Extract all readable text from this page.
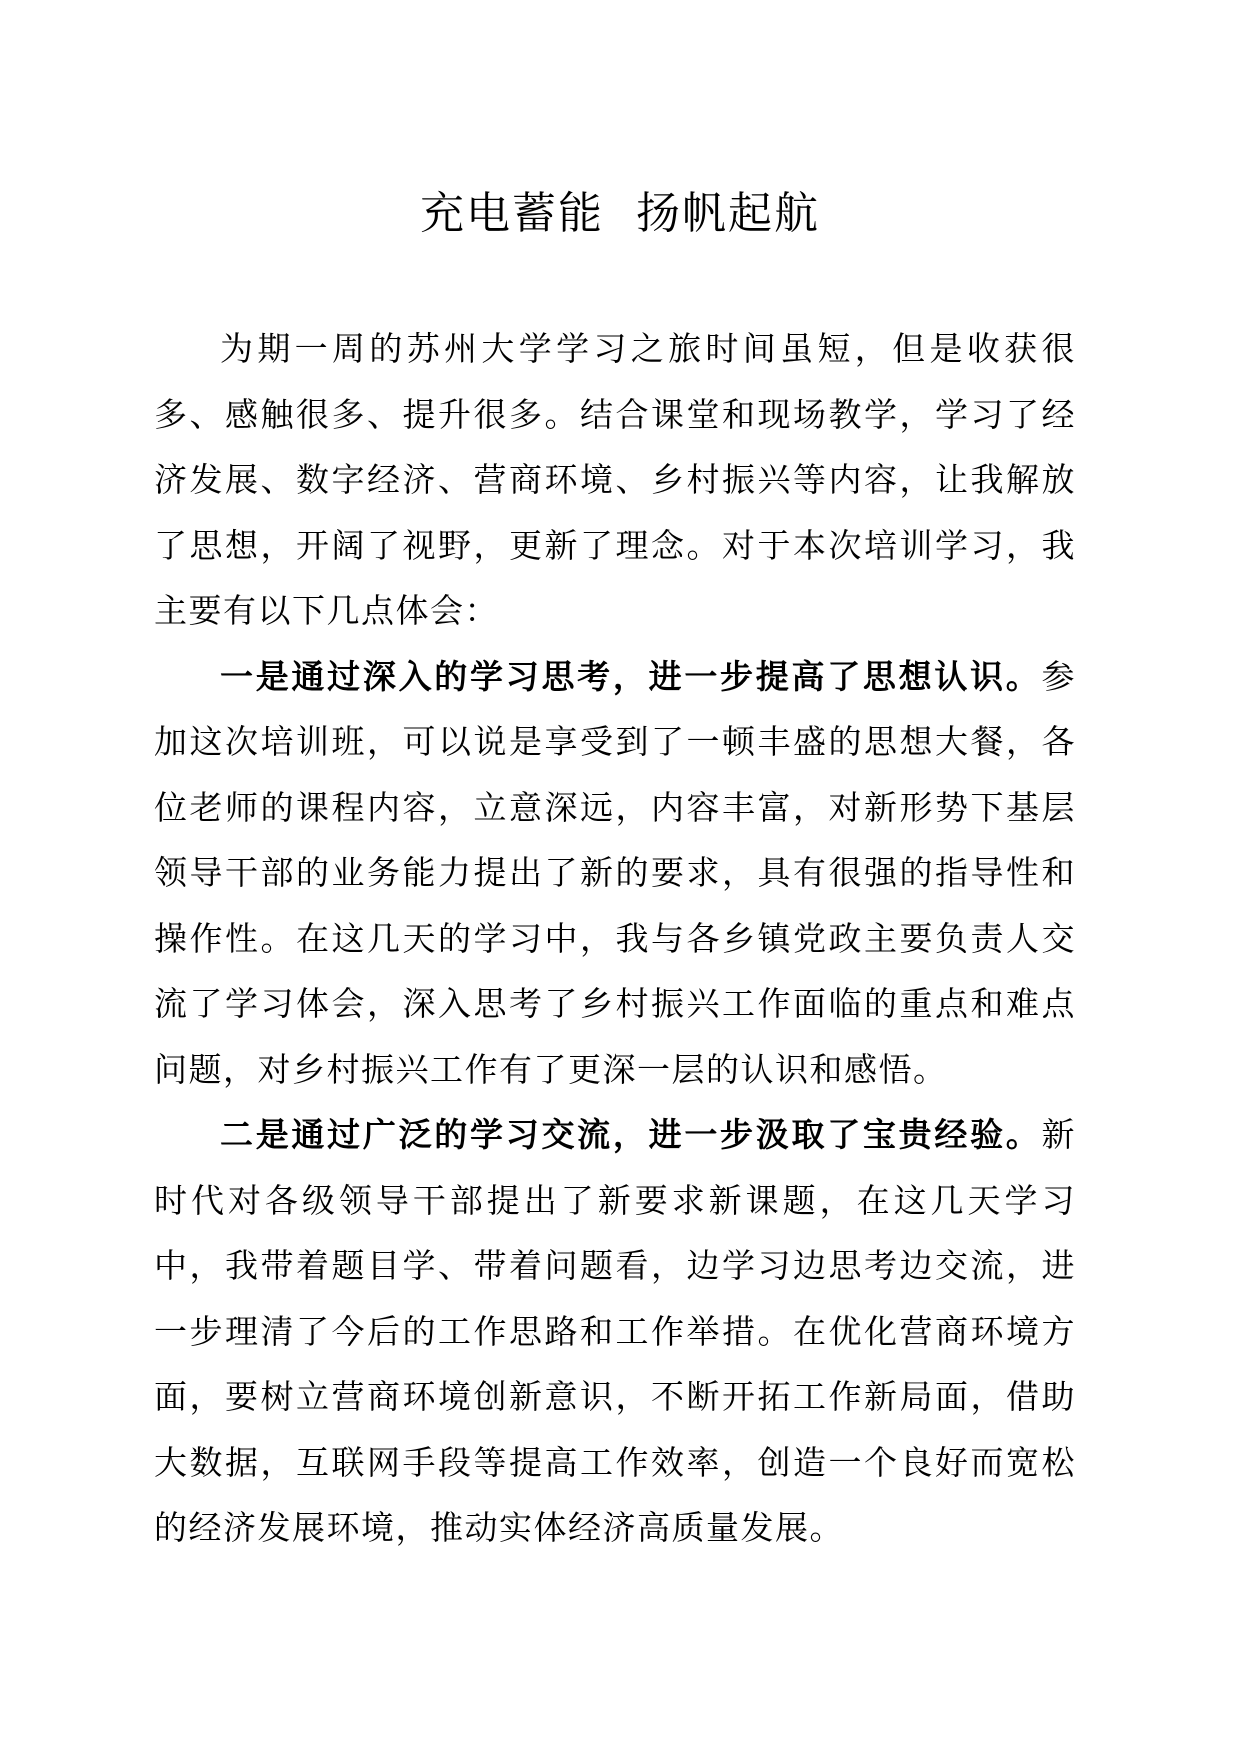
充电蓄能  扬帆起航

为期一周的苏州大学学习之旅时间虽短，但是收获很多、感触很多、提升很多。结合课堂和现场教学，学习了经济发展、数字经济、营商环境、乡村振兴等内容，让我解放了思想，开阔了视野，更新了理念。对于本次培训学习，我主要有以下几点体会：

一是通过深入的学习思考，进一步提高了思想认识。参加这次培训班，可以说是享受到了一顿丰盛的思想大餐，各位老师的课程内容，立意深远，内容丰富，对新形势下基层领导干部的业务能力提出了新的要求，具有很强的指导性和操作性。在这几天的学习中，我与各乡镇党政主要负责人交流了学习体会，深入思考了乡村振兴工作面临的重点和难点问题，对乡村振兴工作有了更深一层的认识和感悟。

二是通过广泛的学习交流，进一步汲取了宝贵经验。新时代对各级领导干部提出了新要求新课题，在这几天学习中，我带着题目学、带着问题看，边学习边思考边交流，进一步理清了今后的工作思路和工作举措。在优化营商环境方面，要树立营商环境创新意识，不断开拓工作新局面，借助大数据，互联网手段等提高工作效率，创造一个良好而宽松的经济发展环境，推动实体经济高质量发展。
